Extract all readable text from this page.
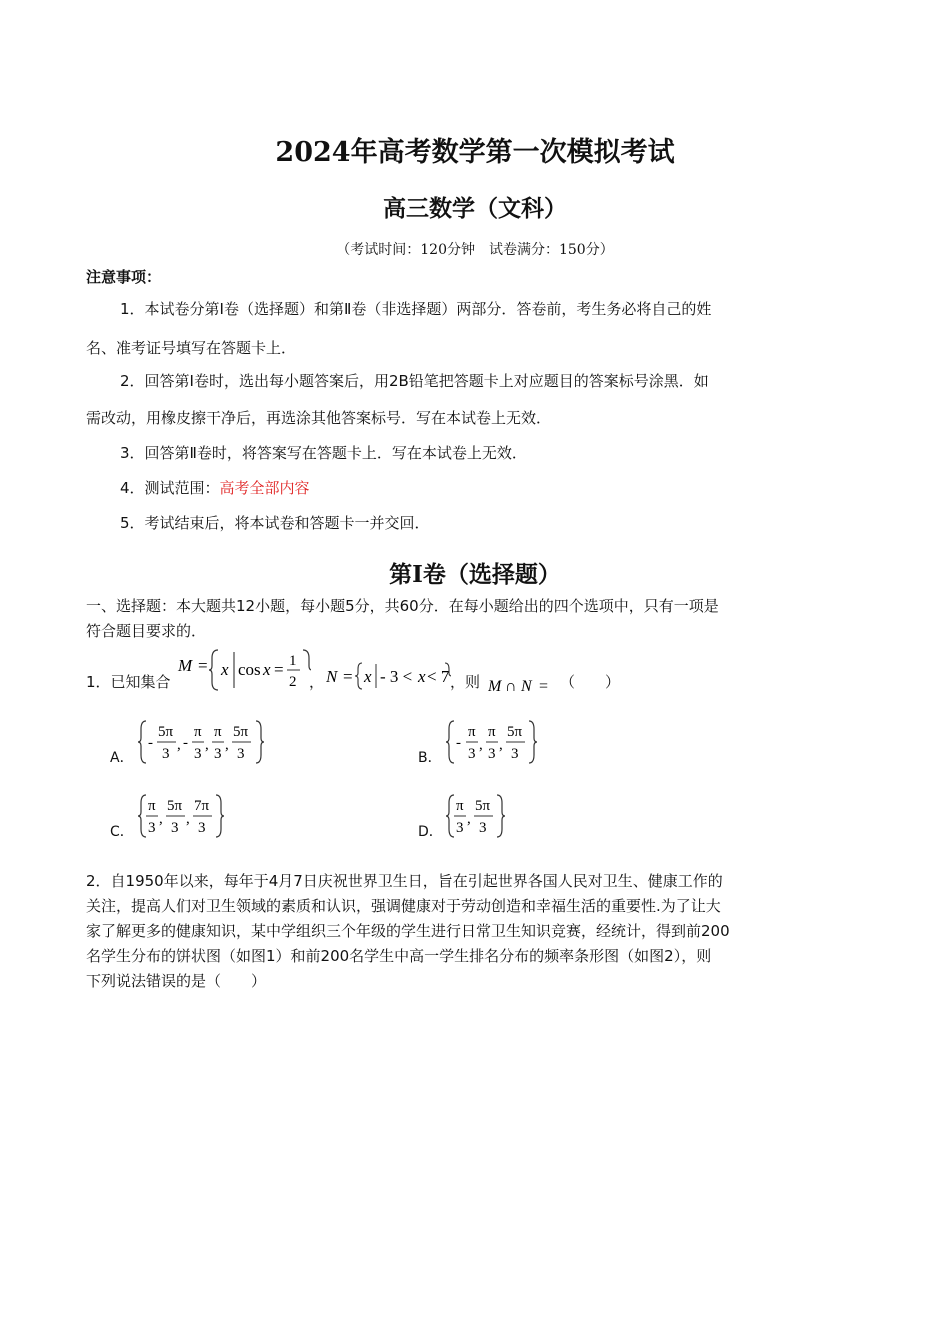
2024年高考数学第一次模拟考试
高三数学（文科）
（考试时间：120分钟　试卷满分：150分）
注意事项：
1．本试卷分第Ⅰ卷（选择题）和第Ⅱ卷（非选择题）两部分．答卷前，考生务必将自己的姓
名、准考证号填写在答题卡上．
2．回答第Ⅰ卷时，选出每小题答案后，用2B铅笔把答题卡上对应题目的答案标号涂黑．如
需改动，用橡皮擦干净后，再选涂其他答案标号．写在本试卷上无效．
3．回答第Ⅱ卷时，将答案写在答题卡上．写在本试卷上无效．
4．测试范围：高考全部内容
5．考试结束后，将本试卷和答题卡一并交回．
第Ⅰ卷（选择题）
一、选择题：本大题共12小题，每小题5分，共60分．在每小题给出的四个选项中，只有一项是
符合题目要求的．
1．已知集合
M = x cos x = 1
2 ， N = x - 3 < x < 7 ，则 M ∩ N = （　　）
A．
-
5π
3
, -
π
3
,
π
3
,
5π
3	B．
-
π
3
,
π
3
,
5π
3
C．
π
3
,
5π
3
,
7π
3	D．
π
3
,
5π
3
2．自1950年以来，每年于4月7日庆祝世界卫生日，旨在引起世界各国人民对卫生、健康工作的
关注，提高人们对卫生领域的素质和认识，强调健康对于劳动创造和幸福生活的重要性.为了让大
家了解更多的健康知识，某中学组织三个年级的学生进行日常卫生知识竞赛，经统计，得到前200
名学生分布的饼状图（如图1）和前200名学生中高一学生排名分布的频率条形图（如图2），则
下列说法错误的是（　　）
